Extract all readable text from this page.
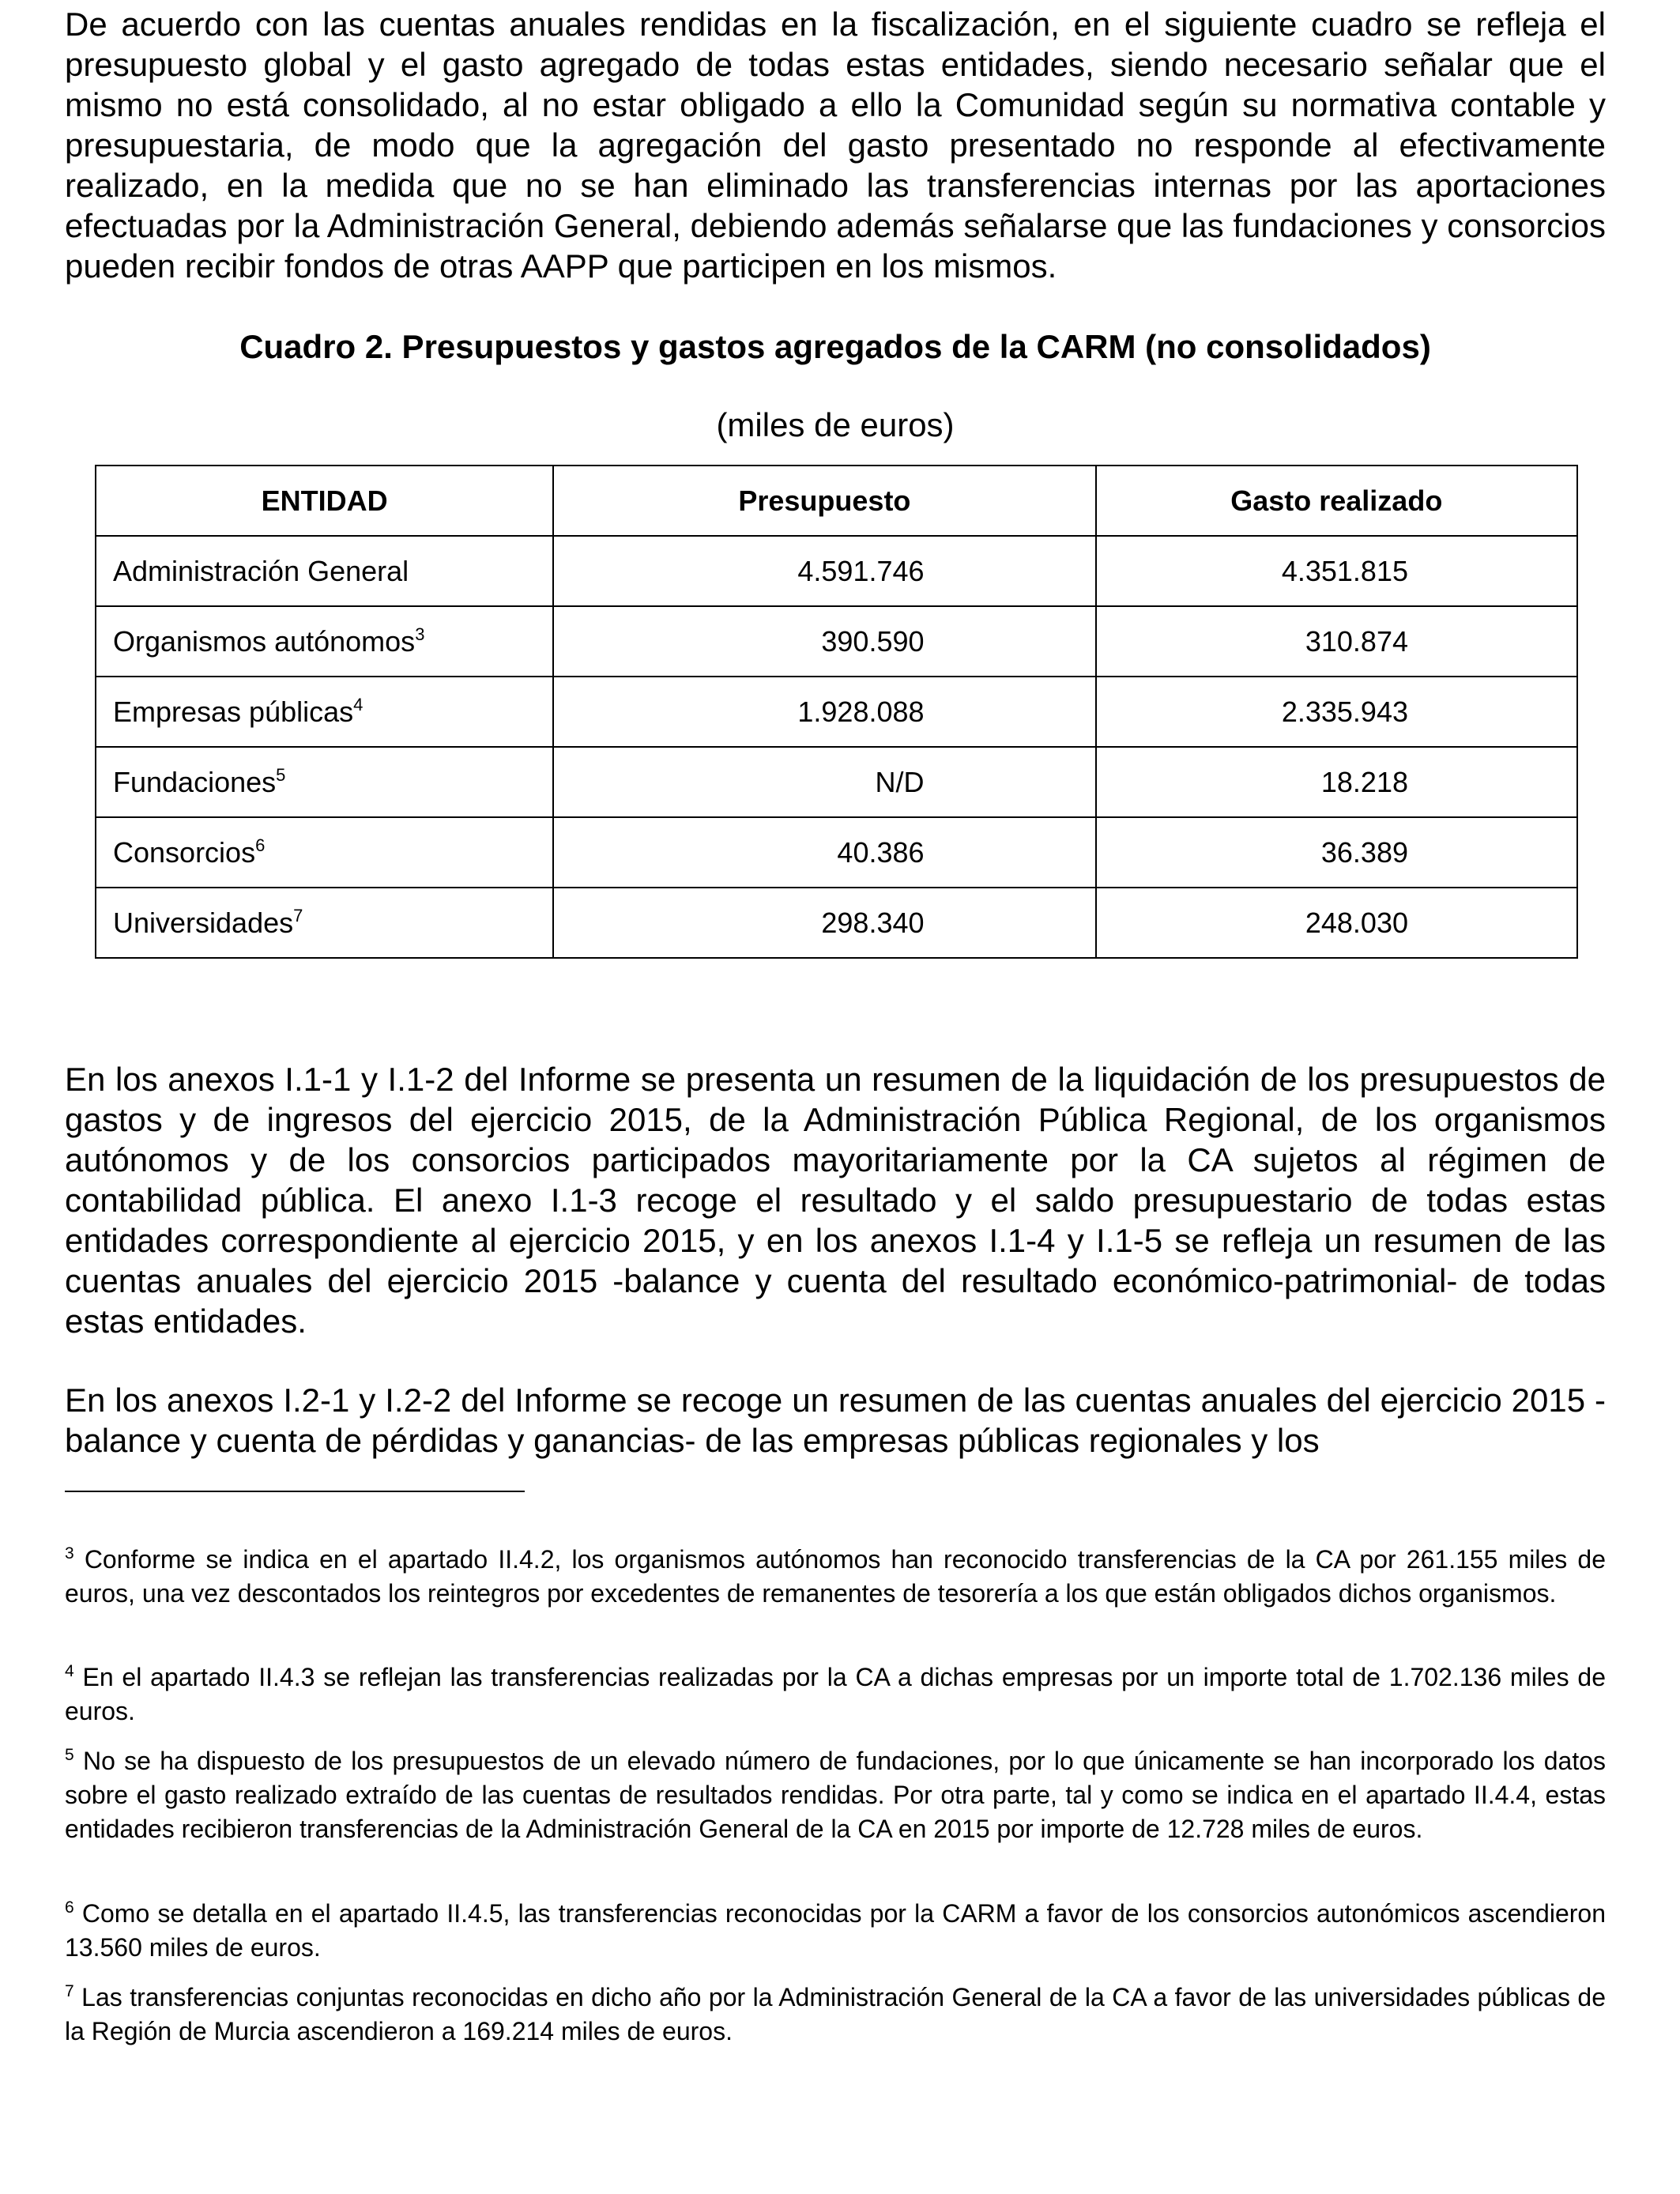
De acuerdo con las cuentas anuales rendidas en la fiscalización, en el siguiente cuadro se refleja el presupuesto global y el gasto agregado de todas estas entidades, siendo necesario señalar que el mismo no está consolidado, al no estar obligado a ello la Comunidad según su normativa contable y presupuestaria, de modo que la agregación del gasto presentado no responde al efectivamente realizado, en la medida que no se han eliminado las transferencias internas por las aportaciones efectuadas por la Administración General, debiendo además señalarse que las fundaciones y consorcios pueden recibir fondos de otras AAPP que participen en los mismos.

Cuadro 2. Presupuestos y gastos agregados de la CARM (no consolidados)

(miles de euros)

ENTIDAD	Presupuesto	Gasto realizado
Administración General	4.591.746	4.351.815
Organismos autónomos$^3$	390.590	310.874
Empresas públicas$^4$	1.928.088	2.335.943
Fundaciones$^5$	N/D	18.218
Consorcios$^6$	40.386	36.389
Universidades$^7$	298.340	248.030

En los anexos I.1-1 y I.1-2 del Informe se presenta un resumen de la liquidación de los presupuestos de gastos y de ingresos del ejercicio 2015, de la Administración Pública Regional, de los organismos autónomos y de los consorcios participados mayoritariamente por la CA sujetos al régimen de contabilidad pública. El anexo I.1-3 recoge el resultado y el saldo presupuestario de todas estas entidades correspondiente al ejercicio 2015, y en los anexos I.1-4 y I.1-5 se refleja un resumen de las cuentas anuales del ejercicio 2015 -balance y cuenta del resultado económico-patrimonial- de todas estas entidades.

En los anexos I.2-1 y I.2-2 del Informe se recoge un resumen de las cuentas anuales del ejercicio 2015 -balance y cuenta de pérdidas y ganancias- de las empresas públicas regionales y los

$^3$ Conforme se indica en el apartado II.4.2, los organismos autónomos han reconocido transferencias de la CA por 261.155 miles de euros, una vez descontados los reintegros por excedentes de remanentes de tesorería a los que están obligados dichos organismos.

$^4$ En el apartado II.4.3 se reflejan las transferencias realizadas por la CA a dichas empresas por un importe total de 1.702.136 miles de euros.

$^5$ No se ha dispuesto de los presupuestos de un elevado número de fundaciones, por lo que únicamente se han incorporado los datos sobre el gasto realizado extraído de las cuentas de resultados rendidas. Por otra parte, tal y como se indica en el apartado II.4.4, estas entidades recibieron transferencias de la Administración General de la CA en 2015 por importe de 12.728 miles de euros.

$^6$ Como se detalla en el apartado II.4.5, las transferencias reconocidas por la CARM a favor de los consorcios autonómicos ascendieron 13.560 miles de euros.

$^7$ Las transferencias conjuntas reconocidas en dicho año por la Administración General de la CA a favor de las universidades públicas de la Región de Murcia ascendieron a 169.214 miles de euros.
